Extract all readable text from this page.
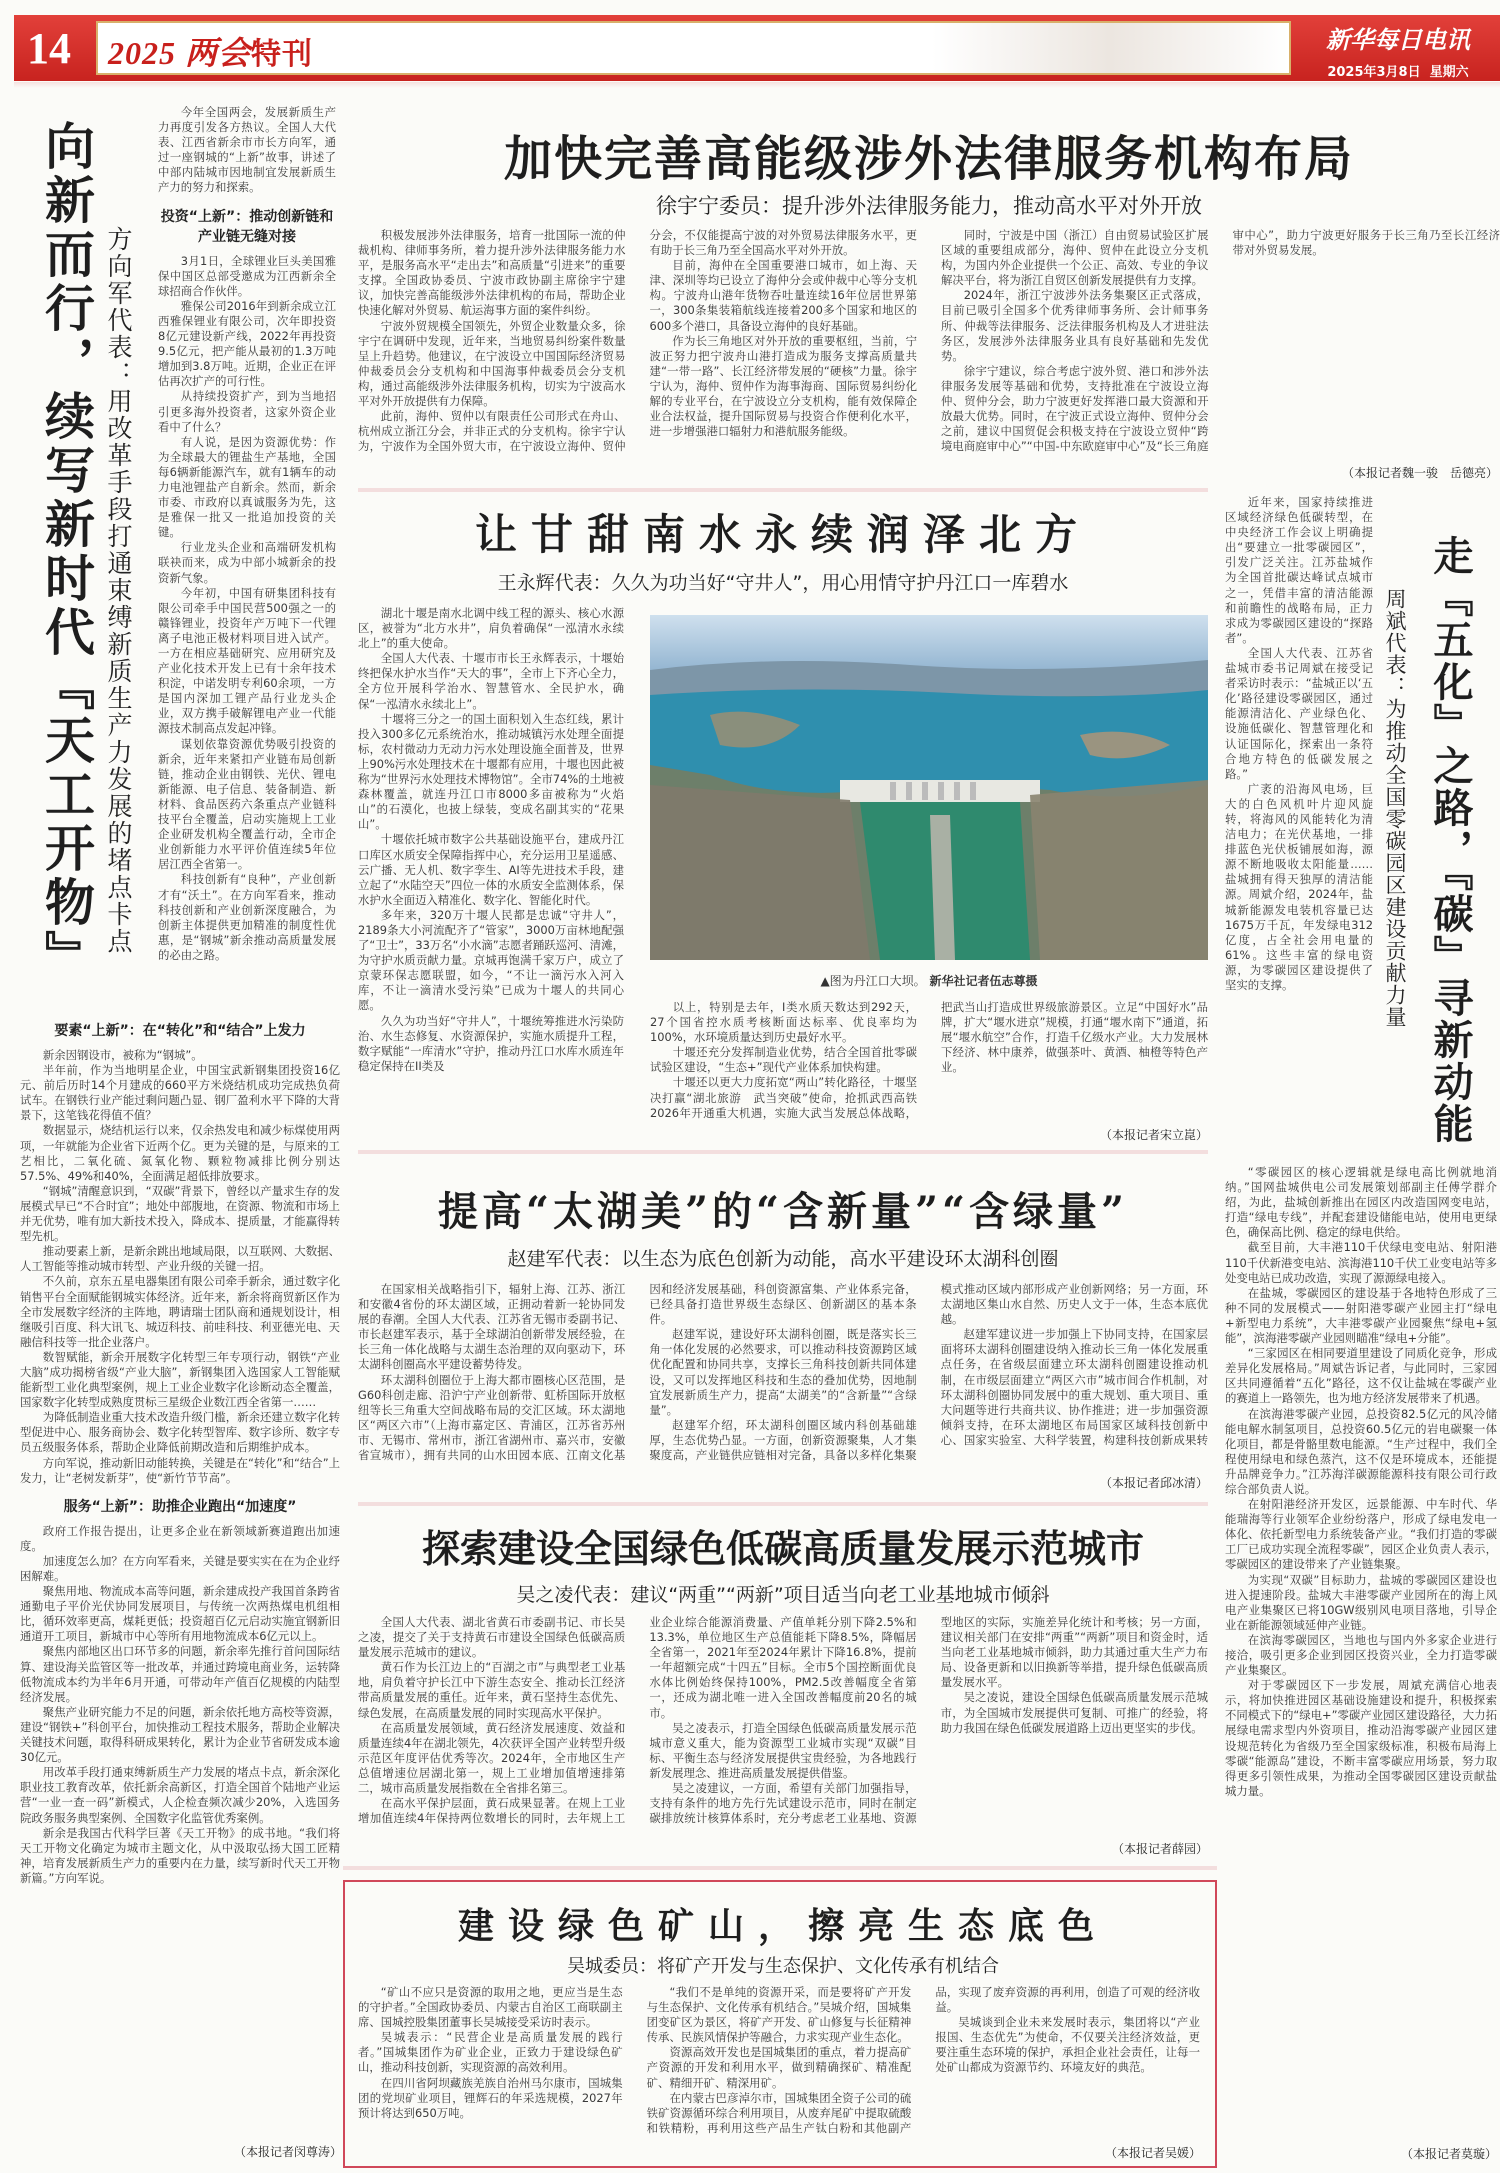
14	2025 两会特刊	新华每日电讯
2025年3月8日 星期六
向新而行，续写新时代『天工开物』 方向军代表：用改革手段打通束缚新质生产力发展的堵点卡点

今年全国两会，发展新质生产力再度引发各方热议。全国人大代表、江西省新余市市长方向军，通过一座钢城的“上新”故事，讲述了中部内陆城市因地制宜发展新质生产力的努力和探索。

投资“上新”：推动创新链和产业链无缝对接

3月1日，全球锂业巨头美国雅保中国区总部受邀成为江西新余全球招商合作伙伴。

雅保公司2016年到新余成立江西雅保锂业有限公司，次年即投资8亿元建设新产线，2022年再投资9.5亿元，把产能从最初的1.3万吨增加到3.8万吨。近期，企业正在评估再次扩产的可行性。

从持续投资扩产，到为当地招引更多海外投资者，这家外资企业看中了什么？

有人说，是因为资源优势：作为全球最大的锂盐生产基地，全国每6辆新能源汽车，就有1辆车的动力电池锂盐产自新余。然而，新余市委、市政府以真诚服务为先，这是雅保一批又一批追加投资的关键。

行业龙头企业和高端研发机构联袂而来，成为中部小城新余的投资新气象。

今年初，中国有研集团科技有限公司牵手中国民营500强之一的赣锋锂业，投资年产万吨下一代锂离子电池正极材料项目进入试产。一方在相应基础研究、应用研究及产业化技术开发上已有十余年技术积淀，中诺发明专利60余项，一方是国内深加工锂产品行业龙头企业，双方携手破解锂电产业一代能源技术制高点发起冲锋。

谋划依靠资源优势吸引投资的新余，近年来紧扣产业链布局创新链，推动企业由钢铁、光伏、锂电新能源、电子信息、装备制造、新材料、食品医药六条重点产业链科技平台全覆盖，启动实施规上工业企业研发机构全覆盖行动，全市企业创新能力水平评价值连续5年位居江西全省第一。

科技创新有“良种”，产业创新才有“沃土”。在方向军看来，推动科技创新和产业创新深度融合，为创新主体提供更加精准的制度性优惠，是“钢城”新余推动高质量发展的必由之路。

要素“上新”：在“转化”和“结合”上发力

新余因钢设市，被称为“钢城”。

半年前，作为当地明星企业，中国宝武新钢集团投资16亿元、前后历时14个月建成的660平方米烧结机成功完成热负荷试车。在钢铁行业产能过剩问题凸显、钢厂盈利水平下降的大背景下，这笔钱花得值不值？

数据显示，烧结机运行以来，仅余热发电和减少标煤使用两项，一年就能为企业省下近两个亿。更为关键的是，与原来的工艺相比，二氧化硫、氮氧化物、颗粒物减排比例分别达57.5%、49%和40%，全面满足超低排放要求。

“钢城”清醒意识到，“双碳”背景下，曾经以产量求生存的发展模式早已“不合时宜”；地处中部腹地，在资源、物流和市场上并无优势，唯有加大新技术投入，降成本、提质量，才能赢得转型先机。

推动要素上新，是新余跳出地域局限，以互联网、大数据、人工智能等推动城市转型、产业升级的关键一招。

不久前，京东五星电器集团有限公司牵手新余，通过数字化销售平台全面赋能钢城实体经济。近年来，新余将商贸新区作为全市发展数字经济的主阵地，聘请瑞士团队商和通规划设计，相继吸引百度、科大讯飞、城迈科技、前哇科技、利亚德光电、天融信科技等一批企业落户。

数智赋能，新余开展数字化转型三年专项行动，钢铁“产业大脑”成功揭榜省级“产业大脑”，新钢集团入选国家人工智能赋能新型工业化典型案例，规上工业企业数字化诊断动态全覆盖，国家数字化转型成熟度贯标三星级企业数江西全省第一……

为降低制造业重大技术改造升级门槛，新余还建立数字化转型促进中心、服务商协会、数字化转型智库、数字诊所、数字专员五级服务体系，帮助企业降低前期改造和后期维护成本。

方向军说，推动新旧动能转换，关键是在“转化”和“结合”上发力，让“老树发新芽”，使“新竹节节高”。

服务“上新”：助推企业跑出“加速度”

政府工作报告提出，让更多企业在新领域新赛道跑出加速度。

加速度怎么加？在方向军看来，关键是要实实在在为企业纾困解难。

聚焦用地、物流成本高等问题，新余建成投产我国首条跨省通勤电子平价光伏协同发展项目，与传统一次两热煤电机组相比，循环效率更高，煤耗更低；投资超百亿元启动实施宜钢新旧通道开工项目，新城市中心等所有用地物流成本6亿元以上。

聚焦内部地区出口环节多的问题，新余率先推行首问国际结算、建设海关监管区等一批改革，并通过跨境电商业务，运转降低物流成本约为半年6月开通，可带动年产值百亿规模的内陆型经济发展。

聚焦产业研究能力不足的问题，新余依托地方高校等资源，建设“钢铁+”科创平台，加快推动工程技术服务，帮助企业解决关键技术问题，取得科研成果转化，累计为企业节省研发成本逾30亿元。

用改革手段打通束缚新质生产力发展的堵点卡点，新余深化职业技工教育改革，依托新余高新区，打造全国首个陆地产业运营“一业一查一码”新模式，人企检查频次减少20%，入选国务院政务服务典型案例、全国数字化监管优秀案例。

新余是我国古代科学巨著《天工开物》的成书地。“我们将天工开物文化确定为城市主题文化，从中汲取弘扬大国工匠精神，培育发展新质生产力的重要内在力量，续写新时代天工开物新篇。”方向军说。

（本报记者闵尊涛）
加快完善高能级涉外法律服务机构布局
徐宇宁委员：提升涉外法律服务能力，推动高水平对外开放

积极发展涉外法律服务，培育一批国际一流的仲裁机构、律师事务所，着力提升涉外法律服务能力水平，是服务高水平“走出去”和高质量“引进来”的重要支撑。全国政协委员、宁波市政协副主席徐宇宁建议，加快完善高能级涉外法律机构的布局，帮助企业快速化解对外贸易、航运海事方面的案件纠纷。

宁波外贸规模全国领先，外贸企业数量众多，徐宇宁在调研中发现，近年来，当地贸易纠纷案件数量呈上升趋势。他建议，在宁波设立中国国际经济贸易仲裁委员会分支机构和中国海事仲裁委员会分支机构，通过高能级涉外法律服务机构，切实为宁波高水平对外开放提供有力保障。

此前，海仲、贸仲以有限责任公司形式在舟山、杭州成立浙江分会，并非正式的分支机构。徐宇宁认为，宁波作为全国外贸大市，在宁波设立海仲、贸仲分会，不仅能提高宁波的对外贸易法律服务水平，更有助于长三角乃至全国高水平对外开放。

目前，海仲在全国重要港口城市，如上海、天津、深圳等均已设立了海仲分会或仲裁中心等分支机构。宁波舟山港年货物吞吐量连续16年位居世界第一，300条集装箱航线连接着200多个国家和地区的600多个港口，具备设立海仲的良好基础。

作为长三角地区对外开放的重要枢纽，当前，宁波正努力把宁波舟山港打造成为服务支撑高质量共建“一带一路”、长江经济带发展的“硬核”力量。徐宇宁认为，海仲、贸仲作为海事海商、国际贸易纠纷化解的专业平台，在宁波设立分支机构，能有效保障企业合法权益，提升国际贸易与投资合作便利化水平，进一步增强港口辐射力和港航服务能级。

同时，宁波是中国（浙江）自由贸易试验区扩展区域的重要组成部分，海仲、贸仲在此设立分支机构，为国内外企业提供一个公正、高效、专业的争议解决平台，将为浙江自贸区创新发展提供有力支撑。

2024年，浙江宁波涉外法务集聚区正式落成，目前已吸引全国多个优秀律师事务所、会计师事务所、仲裁等法律服务、泛法律服务机构及人才进驻法务区，发展涉外法律服务业具有良好基础和先发优势。

徐宇宁建议，综合考虑宁波外贸、港口和涉外法律服务发展等基础和优势，支持批准在宁波设立海仲、贸仲分会，助力宁波更好发挥港口最大资源和开放最大优势。同时，在宁波正式设立海仲、贸仲分会之前，建议中国贸促会积极支持在宁波设立贸仲“跨境电商庭审中心”“中国-中东欧庭审中心”及“长三角庭审中心”，助力宁波更好服务于长三角乃至长江经济带对外贸易发展。

（本报记者魏一骏　岳德亮）
让甘甜南水永续润泽北方
王永辉代表：久久为功当好“守井人”，用心用情守护丹江口一库碧水

湖北十堰是南水北调中线工程的源头、核心水源区，被誉为“北方水井”，肩负着确保“一泓清水永续北上”的重大使命。

全国人大代表、十堰市市长王永辉表示，十堰始终把保水护水当作“天大的事”，全市上下齐心全力，全方位开展科学治水、智慧管水、全民护水，确保“一泓清水永续北上”。

十堰将三分之一的国土面积划入生态红线，累计投入300多亿元系统治水，推动城镇污水处理全面提标，农村微动力无动力污水处理设施全面普及，世界上90%污水处理技术在十堰都有应用，十堰也因此被称为“世界污水处理技术博物馆”。全市74%的土地被森林覆盖，就连丹江口市8000多亩被称为“火焰山”的石漠化，也披上绿装，变成名副其实的“花果山”。

十堰依托城市数字公共基础设施平台，建成丹江口库区水质安全保障指挥中心，充分运用卫星遥感、云广播、无人机、数字孪生、AI等先进技术手段，建立起了“水陆空天”四位一体的水质安全监测体系，保水护水全面迈入精准化、数字化、智能化时代。

多年来，320万十堰人民都是忠诚“守井人”，2189条大小河流配齐了“管家”，3000万亩林地配强了“卫士”，33万名“小水滴”志愿者踊跃巡河、清滩，为守护水质贡献力量。京城再饱满千家万户，成立了京蒙环保志愿联盟，如今，“不让一滴污水入河入库，不让一滴清水受污染”已成为十堰人的共同心愿。

久久为功当好“守井人”，十堰统筹推进水污染防治、水生态修复、水资源保护，实施水质提升工程，数字赋能“一库清水”守护，推动丹江口水库水质连年稳定保持在II类及

▲图为丹江口大坝。 新华社记者伍志尊摄

以上，特别是去年，I类水质天数达到292天，27个国省控水质考核断面达标率、优良率均为100%，水环境质量达到历史最好水平。

十堰还充分发挥制造业优势，结合全国首批零碳试验区建设，“生态+”现代产业体系加快构建。

十堰还以更大力度拓宽“两山”转化路径，十堰坚决打赢“湖北旅游　武当突破”使命，抢抓武西高铁2026年开通重大机遇，实施大武当发展总体战略，把武当山打造成世界级旅游景区。立足“中国好水”品牌，扩大“堰水进京”规模，打通“堰水南下”通道，拓展“堰水航空”合作，打造千亿级水产业。大力发展林下经济、林中康养，做强茶叶、黄酒、柚橙等特色产业。

（本报记者宋立崑）	走『五化』之路，『碳』寻新动能
周斌代表：为推动全国零碳园区建设贡献力量

近年来，国家持续推进区域经济绿色低碳转型，在中央经济工作会议上明确提出“要建立一批零碳园区”，引发广泛关注。江苏盐城作为全国首批碳达峰试点城市之一，凭借丰富的清洁能源和前瞻性的战略布局，正力求成为零碳园区建设的“探路者”。

全国人大代表、江苏省盐城市委书记周斌在接受记者采访时表示：“盐城正以‘五化’路径建设零碳园区，通过能源清洁化、产业绿色化、设施低碳化、智慧管理化和认证国际化，探索出一条符合地方特色的低碳发展之路。”

广袤的沿海风电场，巨大的白色风机叶片迎风旋转，将海风的风能转化为清洁电力；在光伏基地，一排排蓝色光伏板铺展如海，源源不断地吸收太阳能量……盐城拥有得天独厚的清洁能源。周斌介绍，2024年，盐城新能源发电装机容量已达1675万千瓦，年发绿电312亿度，占全社会用电量的61%。这些丰富的绿电资源，为零碳园区建设提供了坚实的支撑。

“零碳园区的核心逻辑就是绿电高比例就地消纳。”国网盐城供电公司发展策划部副主任傅学群介绍，为此，盐城创新推出在园区内改造国网变电站，打造“绿电专线”，并配套建设储能电站，使用电更绿色，确保高比例、稳定的绿电供给。

截至目前，大丰港110千伏绿电变电站、射阳港110千伏新港变电站、滨海港110千伏工业变电站等多处变电站已成功改造，实现了源源绿电接入。

在盐城，零碳园区的建设基于各地特色形成了三种不同的发展模式——射阳港零碳产业园主打“绿电+新型电力系统”，大丰港零碳产业园聚焦“绿电+氢能”，滨海港零碳产业园则瞄准“绿电+分能”。

“三家园区在相同要道里建设了同质化竞争，形成差异化发展格局。”周斌告诉记者，与此同时，三家园区共同遵循着“五化”路径，这不仅让盐城在零碳产业的赛道上一路领先，也为地方经济发展带来了机遇。

在滨海港零碳产业园，总投资82.5亿元的风冷储能电解水制氢项目，总投资60.5亿元的岩电碳聚一体化项目，都是骨骼里数电能源。“生产过程中，我们全程使用绿电和绿色蒸汽，这不仅是环境成本，还能提升品牌竞争力。”江苏海洋碳源能源科技有限公司行政综合部负责人说。

在射阳港经济开发区，远景能源、中车时代、华能瑞海等行业领军企业纷纷落户，形成了绿电发电一体化、依托新型电力系统装备产业。“我们打造的零碳工厂已成功实现全流程零碳”，园区企业负责人表示，零碳园区的建设带来了产业链集聚。

为实现“双碳”目标助力，盐城的零碳园区建设也进入提速阶段。盐城大丰港零碳产业园所在的海上风电产业集聚区已将10GW级别风电项目落地，引导企业在新能源领域延伸产业链。

在滨海零碳园区，当地也与国内外多家企业进行接洽，吸引更多企业到园区投资兴业，全力打造零碳产业集聚区。

对于零碳园区下一步发展，周斌充满信心地表示，将加快推进园区基础设施建设和提升，积极探索不同模式下的“绿电+”零碳产业园区建设路径，大力拓展绿电需求型内外资项目，推动沿海零碳产业园区建设规范转化为省级乃至全国家级标准，积极布局海上零碳“能源岛”建设，不断丰富零碳应用场景，努力取得更多引领性成果，为推动全国零碳园区建设贡献盐城力量。

（本报记者莫璇）
提高“太湖美”的“含新量”“含绿量”
赵建军代表：以生态为底色创新为动能，高水平建设环太湖科创圈

在国家相关战略指引下，辐射上海、江苏、浙江和安徽4省份的环太湖区域，正拥动着新一轮协同发展的春潮。全国人大代表、江苏省无锡市委副书记、市长赵建军表示，基于全球湖泊创新带发展经验，在长三角一体化战略与太湖生态治理的双向驱动下，环太湖科创圈高水平建设蓄势待发。

环太湖科创圈位于上海大都市圈核心区范围，是G60科创走廊、沿沪宁产业创新带、虹桥国际开放枢纽等长三角重大空间战略布局的交汇区域。环太湖地区“两区六市”（上海市嘉定区、青浦区，江苏省苏州市、无锡市、常州市，浙江省湖州市、嘉兴市，安徽省宣城市），拥有共同的山水田园本底、江南文化基因和经济发展基础，科创资源富集、产业体系完备，已经具备打造世界级生态绿区、创新湖区的基本条件。

赵建军说，建设好环太湖科创圈，既是落实长三角一体化发展的必然要求，可以推动科技资源跨区域优化配置和协同共享，支撑长三角科技创新共同体建设，又可以发挥地区科技和生态的叠加优势，因地制宜发展新质生产力，提高“太湖美”的“含新量”“含绿量”。

赵建军介绍，环太湖科创圈区域内科创基础雄厚，生态优势凸显。一方面，创新资源聚集，人才集聚度高，产业链供应链相对完备，具备以多样化集聚模式推动区域内部形成产业创新网络；另一方面，环太湖地区集山水自然、历史人文于一体，生态本底优越。

赵建军建议进一步加强上下协同支持，在国家层面将环太湖科创圈建设纳入推动长三角一体化发展重点任务，在省级层面建立环太湖科创圈建设推动机制，在市级层面建立“两区六市”城市间合作机制，对环太湖科创圈协同发展中的重大规划、重大项目、重大问题等进行共商共议、协作推进；进一步加强资源倾斜支持，在环太湖地区布局国家区域科技创新中心、国家实验室、大科学装置，构建科技创新成果转

（本报记者邱冰清）
探索建设全国绿色低碳高质量发展示范城市
吴之凌代表：建议“两重”“两新”项目适当向老工业基地城市倾斜

全国人大代表、湖北省黄石市委副书记、市长吴之凌，提交了关于支持黄石市建设全国绿色低碳高质量发展示范城市的建议。

黄石作为长江边上的“百湖之市”与典型老工业基地，肩负着守护长江中下游生态安全、推动长江经济带高质量发展的重任。近年来，黄石坚持生态优先、绿色发展，在高质量发展的同时实现高水平保护。

在高质量发展领域，黄石经济发展速度、效益和质量连续4年在湖北领先，4次获评全国产业转型升级示范区年度评估优秀等次。2024年，全市地区生产总值增速位居湖北第一，规上工业增加值增速排第二，城市高质量发展指数在全省排名第三。

在高水平保护层面，黄石成果显著。在规上工业增加值连续4年保持两位数增长的同时，去年规上工业企业综合能源消费量、产值单耗分别下降2.5%和13.3%，单位地区生产总值能耗下降8.5%，降幅居全省第一，2021年至2024年累计下降16.8%，提前一年超额完成“十四五”目标。全市5个国控断面优良水体比例始终保持100%，PM2.5改善幅度全省第一，还成为湖北唯一进入全国改善幅度前20名的城市。

吴之凌表示，打造全国绿色低碳高质量发展示范城市意义重大，能为资源型工业城市实现“双碳”目标、平衡生态与经济发展提供宝贵经验，为各地践行新发展理念、推进高质量发展提供借鉴。

吴之凌建议，一方面，希望有关部门加强指导，支持有条件的地方先行先试建设示范市，同时在制定碳排放统计核算体系时，充分考虑老工业基地、资源型地区的实际，实施差异化统计和考核；另一方面，建议相关部门在安排“两重”“两新”项目和资金时，适当向老工业基地城市倾斜，助力其通过重大生产力布局、设备更新和以旧换新等举措，提升绿色低碳高质量发展水平。

吴之凌说，建设全国绿色低碳高质量发展示范城市，为全国城市发展提供可复制、可推广的经验，将助力我国在绿色低碳发展道路上迈出更坚实的步伐。

（本报记者薛园）
建设绿色矿山，擦亮生态底色
吴城委员：将矿产开发与生态保护、文化传承有机结合

“矿山不应只是资源的取用之地，更应当是生态的守护者。”全国政协委员、内蒙古自治区工商联副主席、国城控股集团董事长吴城接受采访时表示。

吴城表示：“民营企业是高质量发展的践行者。”国城集团作为矿业企业，正致力于建设绿色矿山，推动科技创新，实现资源的高效利用。

在四川省阿坝藏族羌族自治州马尔康市，国城集团的党坝矿业项目，锂辉石的年采选规模，2027年预计将达到650万吨。

“我们不是单纯的资源开采，而是要将矿产开发与生态保护、文化传承有机结合。”吴城介绍，国城集团变矿区为景区，将矿产开发、矿山修复与长征精神传承、民族风情保护等融合，力求实现产业生态化。

资源高效开发也是国城集团的重点，着力提高矿产资源的开发和利用水平，做到精确探矿、精准配矿、精细开矿、精深用矿。

在内蒙古巴彦淖尔市，国城集团全资子公司的硫铁矿资源循环综合利用项目，从废弃尾矿中提取硫酸和铁精粉，再利用这些产品生产钛白粉和其他副产品，实现了废弃资源的再利用，创造了可观的经济收益。

吴城谈到企业未来发展时表示，集团将以“产业报国、生态优先”为使命，不仅要关注经济效益，更要注重生态环境的保护，承担企业社会责任，让每一处矿山都成为资源节约、环境友好的典范。

（本报记者吴媛）
